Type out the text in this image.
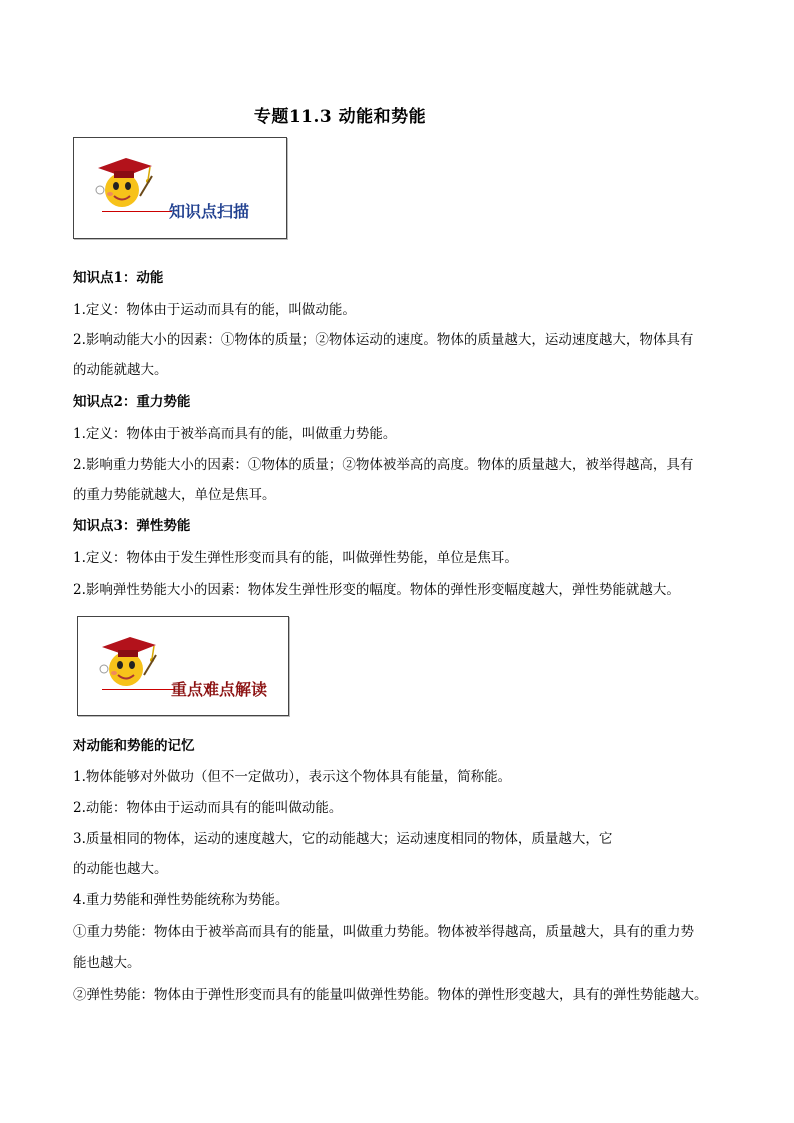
专题11.3 动能和势能
知识点扫描
知识点1：动能
1.定义：物体由于运动而具有的能，叫做动能。
2.影响动能大小的因素：①物体的质量；②物体运动的速度。物体的质量越大，运动速度越大，物体具有
的动能就越大。
知识点2：重力势能
1.定义：物体由于被举高而具有的能，叫做重力势能。
2.影响重力势能大小的因素：①物体的质量；②物体被举高的高度。物体的质量越大，被举得越高，具有
的重力势能就越大，单位是焦耳。
知识点3：弹性势能
1.定义：物体由于发生弹性形变而具有的能，叫做弹性势能，单位是焦耳。
2.影响弹性势能大小的因素：物体发生弹性形变的幅度。物体的弹性形变幅度越大，弹性势能就越大。
重点难点解读
对动能和势能的记忆
1.物体能够对外做功（但不一定做功），表示这个物体具有能量，简称能。
2.动能：物体由于运动而具有的能叫做动能。
3.质量相同的物体，运动的速度越大，它的动能越大；运动速度相同的物体，质量越大，它
的动能也越大。
4.重力势能和弹性势能统称为势能。
①重力势能：物体由于被举高而具有的能量，叫做重力势能。物体被举得越高，质量越大，具有的重力势
能也越大。
②弹性势能：物体由于弹性形变而具有的能量叫做弹性势能。物体的弹性形变越大，具有的弹性势能越大。
